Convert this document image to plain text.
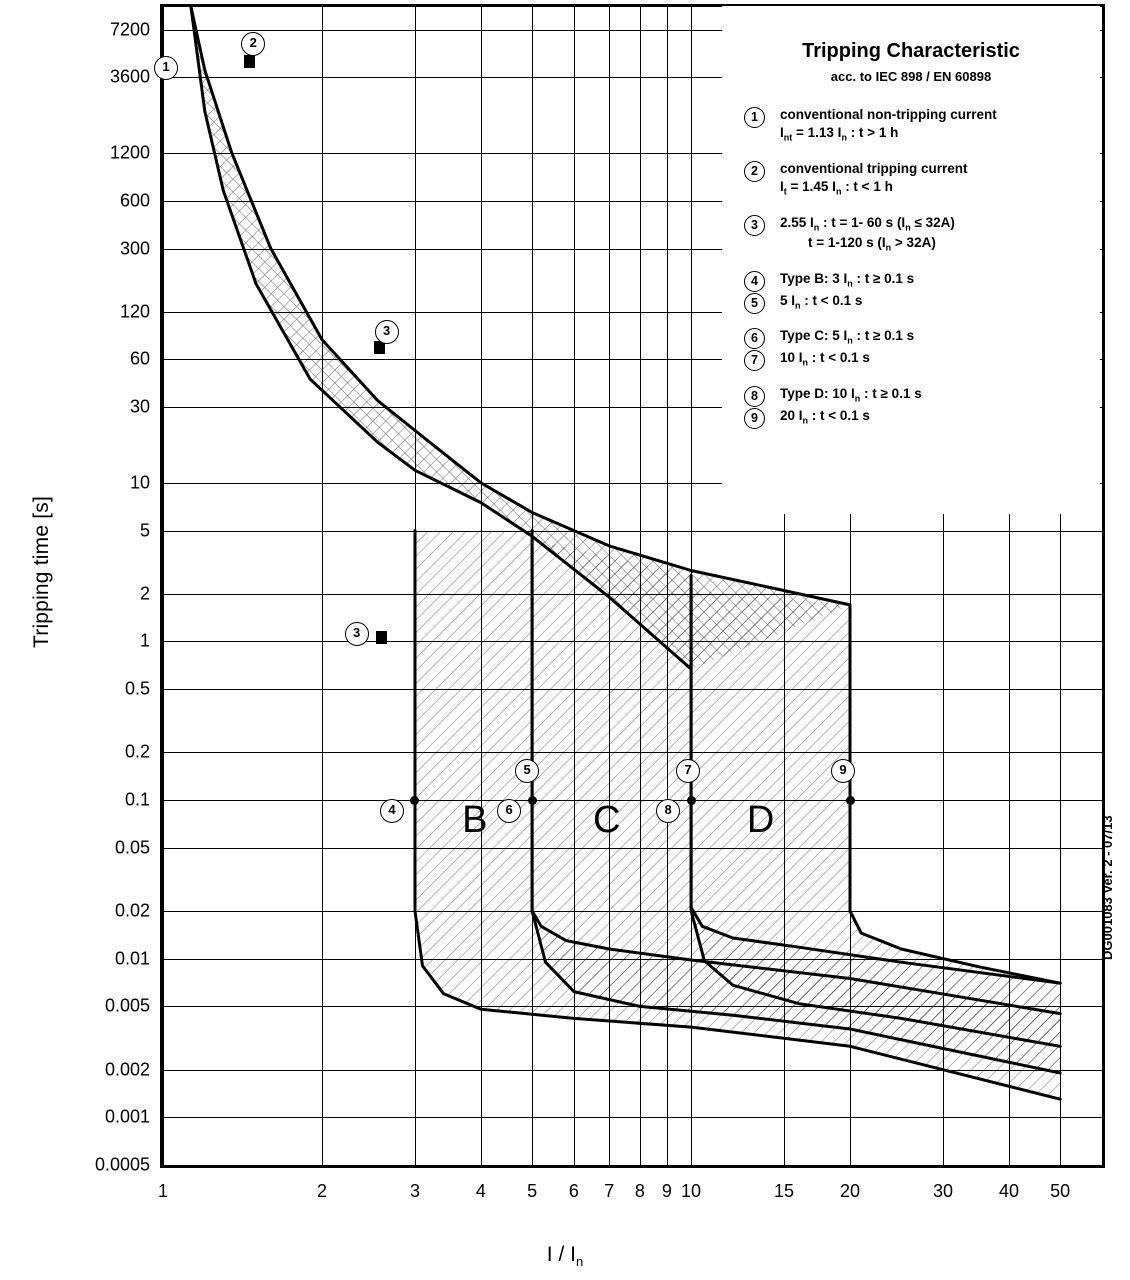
Tripping time [s]
I / $I_n$
7200
3600
1200
600
300
120
60
30
10
5
2
1
0.5
0.2
0.1
0.05
0.02
0.01
0.005
0.002
0.001
0.0005
1	2	3	4 5 6 7 8 9 10	15	20	30	40 50
Tripping Characteristic
acc. to IEC 898 / EN 60898
1	conventional non-tripping current
$I_{nt} = 1.13$ $I_n$ : t > 1 h
2	conventional tripping current
$I_t = 1.45$ $I_n$ : t < 1 h
3	2.55 $I_n$ : t = 1- 60 s $(I_n \le 32A)$
t = 1-120 s $(I_n > 32A)$
4	Type B: 3 $I_n$ : t ≥ 0.1 s
5	5 $I_n$ : t < 0.1 s
6	Type C: 5 $I_n$ : t ≥ 0.1 s
7	10 $I_n$ : t < 0.1 s
8	Type D: 10 $I_n$ : t ≥ 0.1 s
9	20 $I_n$ : t < 0.1 s
1
2
3
3
4
5
6
7
8
9
B	C	D	DG001083 Ver. 2 - 07/13
